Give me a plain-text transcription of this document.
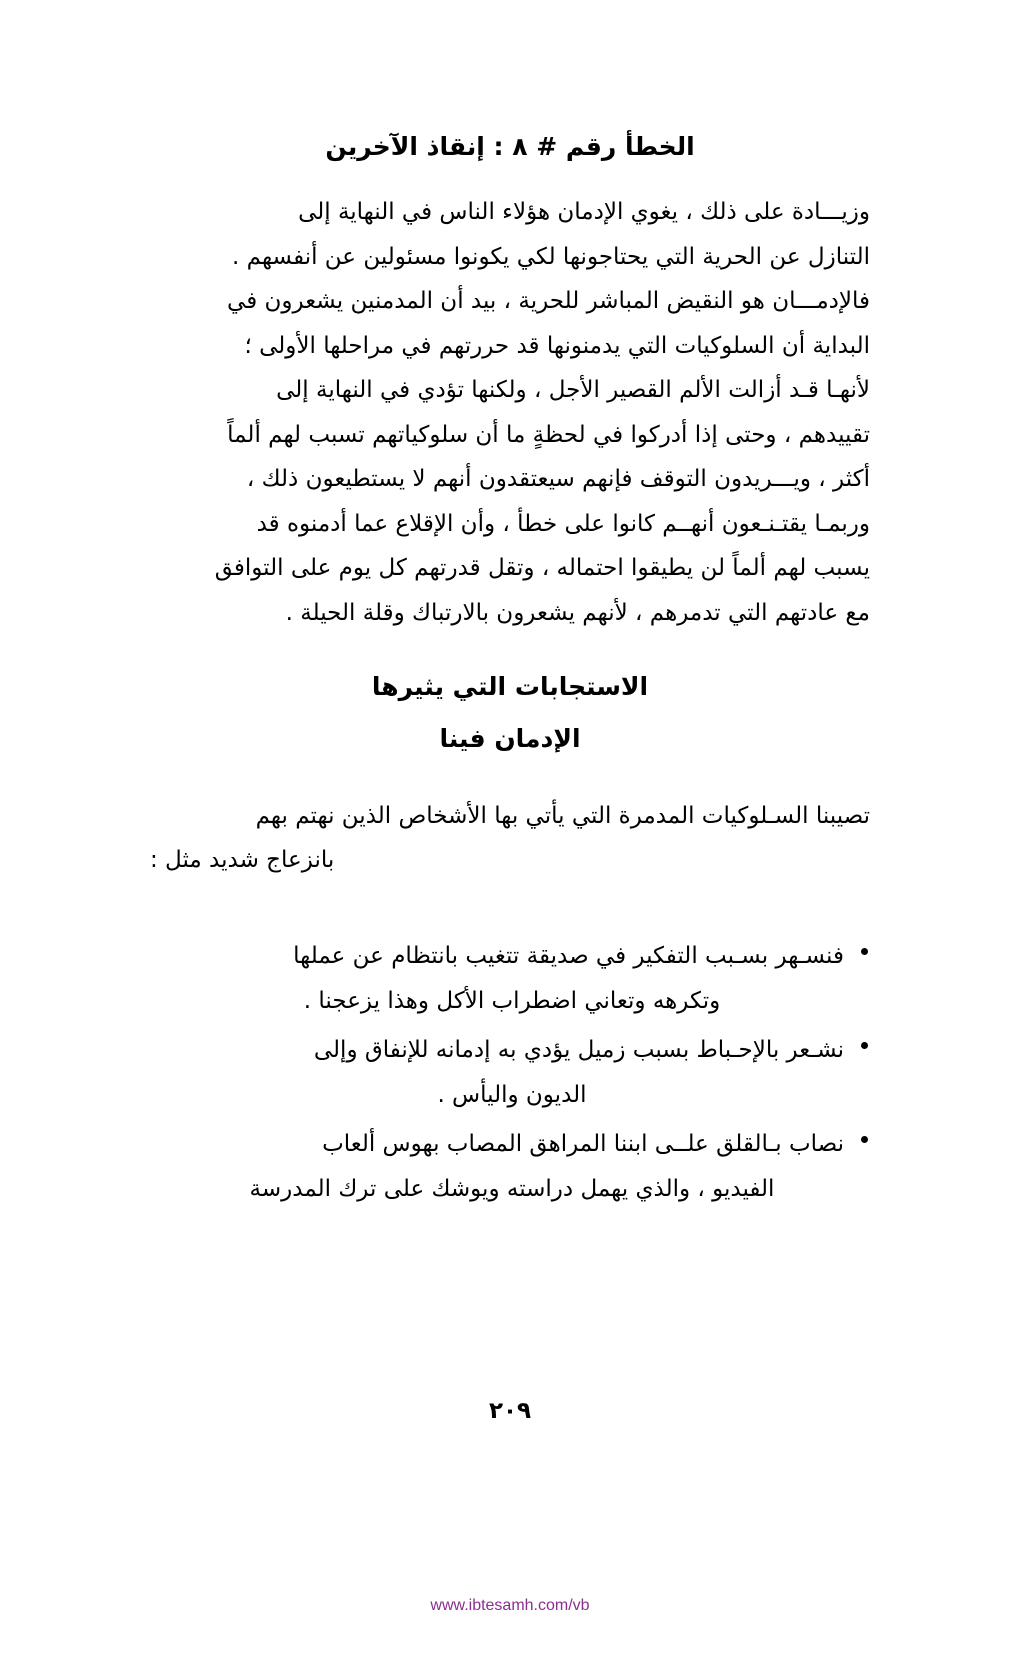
الخطأ رقم # ٨ : إنقاذ الآخرين
وزيـــادة على ذلك ، يغوي الإدمان هؤلاء الناس في النهاية إلى
التنازل عن الحرية التي يحتاجونها لكي يكونوا مسئولين عن أنفسهم .
فالإدمـــان هو النقيض المباشر للحرية ، بيد أن المدمنين يشعرون في
البداية أن السلوكيات التي يدمنونها قد حررتهم في مراحلها الأولى ؛
لأنهـا قـد أزالت الألم القصير الأجل ، ولكنها تؤدي في النهاية إلى
تقييدهم ، وحتى إذا أدركوا في لحظةٍ ما أن سلوكياتهم تسبب لهم ألماً
أكثر ، ويـــريدون التوقف فإنهم سيعتقدون أنهم لا يستطيعون ذلك ،
وربمـا يقتـنـعون أنهــم كانوا على خطأ ، وأن الإقلاع عما أدمنوه قد
يسبب لهم ألماً لن يطيقوا احتماله ، وتقل قدرتهم كل يوم على التوافق
مع عادتهم التي تدمرهم ، لأنهم يشعرون بالارتباك وقلة الحيلة .
الاستجابات التي يثيرها
الإدمان فينا
تصيبنا السـلوكيات المدمرة التي يأتي بها الأشخاص الذين نهتم بهم
بانزعاج شديد مثل :
فنسـهر بسـبب التفكير في صديقة تتغيب بانتظام عن عملها
وتكرهه وتعاني اضطراب الأكل وهذا يزعجنا .
نشـعر بالإحـباط بسبب زميل يؤدي به إدمانه للإنفاق وإلى
الديون واليأس .
نصاب بـالقلق علــى ابننا المراهق المصاب بهوس ألعاب
الفيديو ، والذي يهمل دراسته ويوشك على ترك المدرسة
٢٠٩
www.ibtesamh.com/vb
